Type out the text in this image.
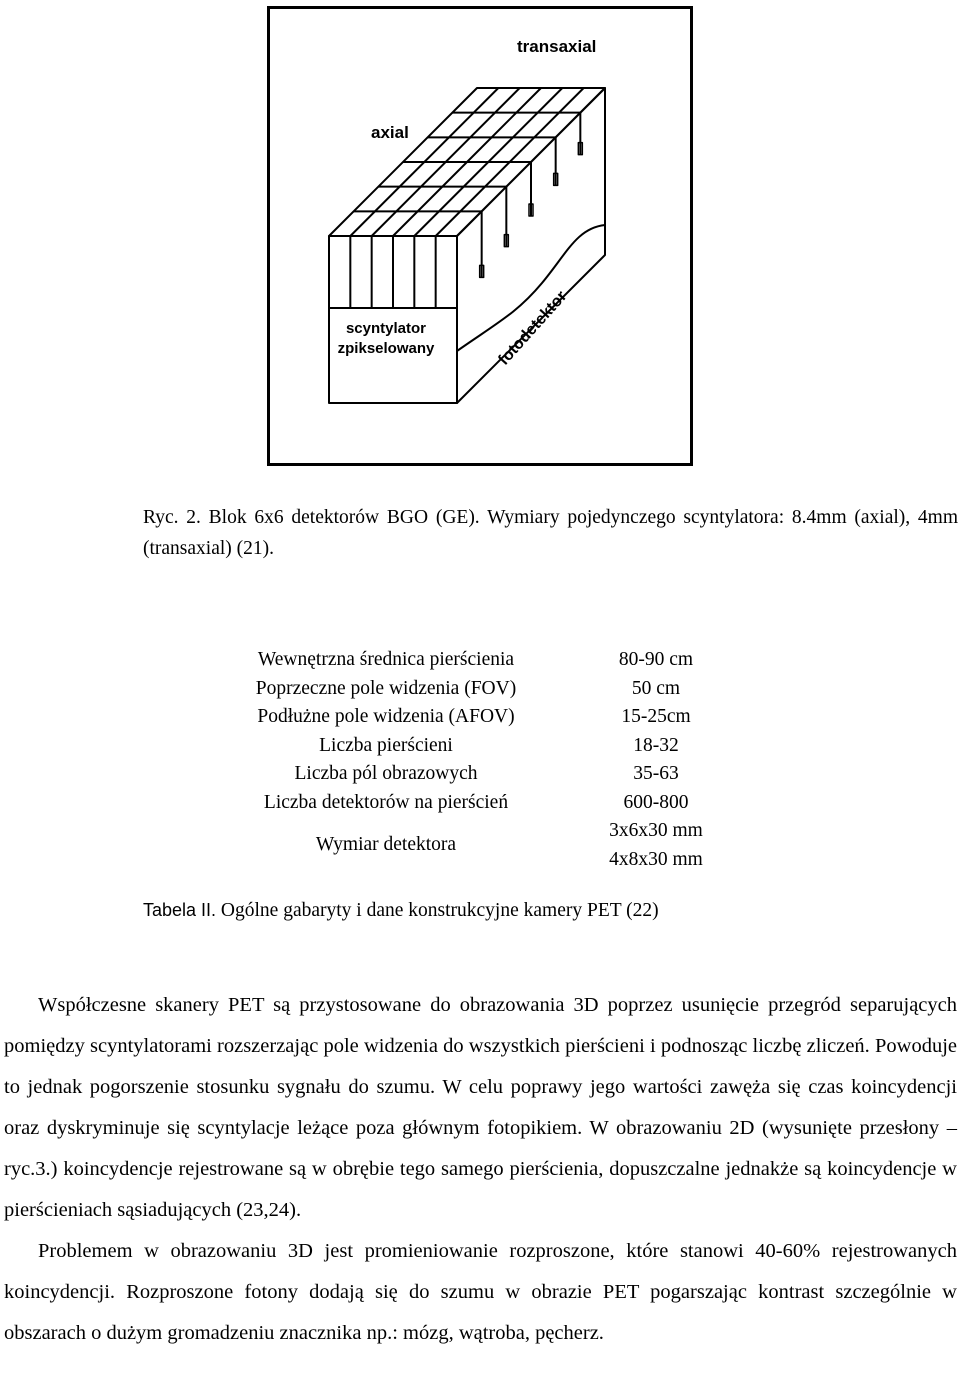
transaxial
axial
scyntylator
zpikselowany	fotodetektor
Ryc. 2. Blok 6x6 detektorów BGO (GE). Wymiary pojedynczego scyntylatora: 8.4mm (axial), 4mm (transaxial) (21).
Wewnętrzna średnica pierścienia	80-90 cm
Poprzeczne pole widzenia (FOV)	50 cm
Podłużne pole widzenia (AFOV)	15-25cm
Liczba pierścieni	18-32
Liczba pól obrazowych	35-63
Liczba detektorów na pierścień	600-800
Wymiar detektora	3x6x30 mm
4x8x30 mm
Tabela II. Ogólne gabaryty i dane konstrukcyjne kamery PET (22)

Współczesne skanery PET są przystosowane do obrazowania 3D poprzez usunięcie przegród separujących pomiędzy scyntylatorami rozszerzając pole widzenia do wszystkich pierścieni i podnosząc liczbę zliczeń. Powoduje to jednak pogorszenie stosunku sygnału do szumu. W celu poprawy jego wartości zawęża się czas koincydencji oraz dyskryminuje się scyntylacje leżące poza głównym fotopikiem. W obrazowaniu 2D (wysunięte przesłony – ryc.3.) koincydencje rejestrowane są w obrębie tego samego pierścienia, dopuszczalne jednakże są koincydencje w pierścieniach sąsiadujących (23,24).

Problemem w obrazowaniu 3D jest promieniowanie rozproszone, które stanowi 40-60% rejestrowanych koincydencji. Rozproszone fotony dodają się do szumu w obrazie PET pogarszając kontrast szczególnie w obszarach o dużym gromadzeniu znacznika np.: mózg, wątroba, pęcherz.
